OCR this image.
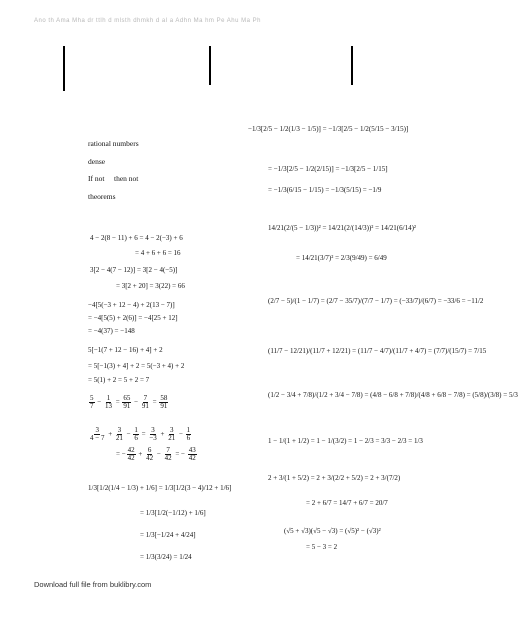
Ano th Ama Mha dr ttlh d mlsth dhmkh d al a Adhn Ma hm Pe Ahu Ma Ph
rational numbers
dense
If not then not
theorems
4 − 2(8 − 11) + 6 = 4 − 2(−3) + 6
= 4 + 6 + 6 = 16
3[2 − 4(7 − 12)] = 3[2 − 4(−5)]
= 3[2 + 20] = 3(22) = 66
−4[5(−3 + 12 − 4) + 2(13 − 7)]
= −4[5(5) + 2(6)] = −4[25 + 12]
= −4(37) = −148
5[−1(7 + 12 − 16) + 4] + 2
= 5[−1(3) + 4] + 2 = 5(−3 + 4) + 2
= 5(1) + 2 = 5 + 2 = 7
$\frac{5}{7} - \frac{1}{13} = \frac{65}{91} - \frac{7}{91} = \frac{58}{91}$
$\frac{3}{4 - 7} + \frac{3}{21} - \frac{1}{6} = \frac{3}{-3} + \frac{3}{21} - \frac{1}{6}$
= − $\frac{42}{42} + \frac{6}{42} - \frac{7}{42}$ = − $\frac{43}{42}$
1/3[1/2(1/4 − 1/3) + 1/6] = 1/3[1/2(3 − 4)/12 + 1/6]
= 1/3[1/2(−1/12) + 1/6]
= 1/3[−1/24 + 4/24]
= 1/3(3/24) = 1/24
−1/3[2/5 − 1/2(1/3 − 1/5)] = −1/3[2/5 − 1/2(5/15 − 3/15)]
= −1/3[2/5 − 1/2(2/15)] = −1/3[2/5 − 1/15]
= −1/3(6/15 − 1/15) = −1/3(5/15) = −1/9
14/21(2/(5 − 1/3))² = 14/21(2/(14/3))² = 14/21(6/14)²
= 14/21(3/7)² = 2/3(9/49) = 6/49
(2/7 − 5)/(1 − 1/7) = (2/7 − 35/7)/(7/7 − 1/7) = (−33/7)/(6/7) = −33/6 = −11/2
(11/7 − 12/21)/(11/7 + 12/21) = (11/7 − 4/7)/(11/7 + 4/7) = (7/7)/(15/7) = 7/15
(1/2 − 3/4 + 7/8)/(1/2 + 3/4 − 7/8) = (4/8 − 6/8 + 7/8)/(4/8 + 6/8 − 7/8) = (5/8)/(3/8) = 5/3
1 − 1/(1 + 1/2) = 1 − 1/(3/2) = 1 − 2/3 = 3/3 − 2/3 = 1/3
2 + 3/(1 + 5/2) = 2 + 3/(2/2 + 5/2) = 2 + 3/(7/2)
= 2 + 6/7 = 14/7 + 6/7 = 20/7
(√5 + √3)(√5 − √3) = (√5)² − (√3)²
= 5 − 3 = 2
Download full file from buklibry.com
